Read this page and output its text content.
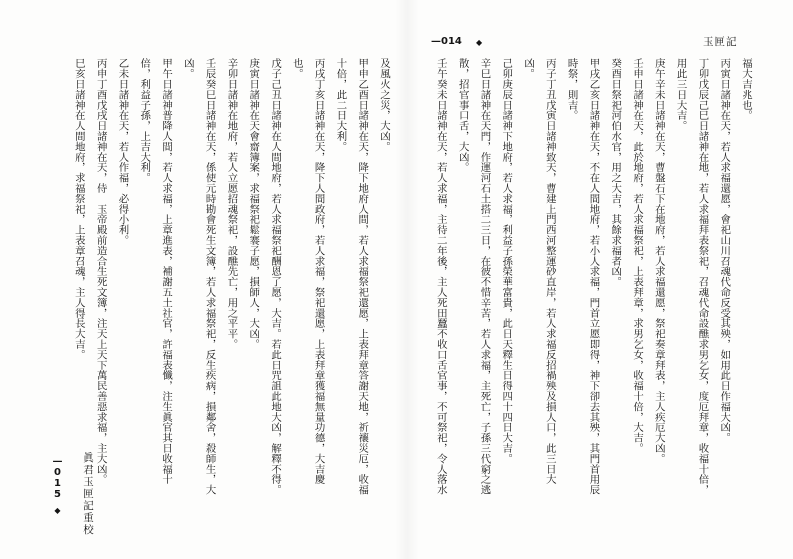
—014 ◆	玉匣記
福大吉兆也。
丙寅日諸神在天，若人求福還愿，會祀山川召魂代命反受其殃，如用此日作福大凶。
丁卯戊辰己巳日諸神在地，若人求福拜表祭祀，召魂代命設醮求男乞女，度厄拜章，收福十倍，
用此三日大吉。
庚午辛未日諸神在天，曹盤石下在地府，若人求福還愿，祭祀奏章拜表，主人疾厄大凶。
壬申日諸神在天，此於地府，若人求福祭祀，上表拜章，求男乞女，收福十倍，大吉。
癸酉日祭祀河伯水官，用之大吉，其餘求福者凶。
甲戌乙亥日諸神在天，不在人間地府，若小人求福，門首立愿即得，神下卻去其殃，其門首用辰
時祭，則吉。
丙子丁丑戊寅日諸神致天，曹建上門西河整運砂直岸，若人求福反招禍殃及損人口，此三日大
凶。
己卯庚辰日諸神下地府，若人求福，利益子孫榮華富貴，此日天釋生日得四十四日大吉。
辛巳日諸神在天門，作運河石土搭二三日，在彼不惜辛苦，若人求福，主死亡，子孫三代窮之逃
散，招官事口舌，大凶。
壬午癸未日諸神在天，若人求福，主待二年後，主人死田蠶不收口舌官事，不可祭祀，令人落水
及風火之災，大凶。
甲申乙酉日諸神在天，降下地府人間，若人求福祭祀還愿，上表拜章答謝天地，祈禳災厄，收福
十倍，此二日大利。
丙戌丁亥日諸神在天，降下人間政府，若人求福，祭祀還愿，上表拜章獲福無量功德，大吉慶
也。
戊子己丑日諸神在人間地府，若人求福祭祀酬恩了愿，大吉。若此日咒詛此地大凶，解釋不得。
庚寅日諸神在天會齋簿案，求福祭祀鬆褰子愿，損師人，大凶。
辛卯日諸神在地府，若人立愿招魂祭祀，設醮先亡，用之平平。
壬辰癸巳日諸神在天，係使元時勘會死生文簿，若人求福祭祀，反生疾病，損鄰舍，殺師生，大
凶。
甲午日諸神普降人間，若人求福，上章進表，補謝五土社官，許福表懺，注生眞官其日收福十
倍，利益子孫，上吉大利。
乙未日諸神在天，若人作福，必得小利。
丙申丁酉戊戌日諸神在天，侍　玉帝殿前造合生死文簿，注天上天下萬民善惡求福，主大凶。
巳亥日諸神在人間地府，求福祭祀，上表章召魂，主人得長大吉。
—015◆ 眞君玉匣記重校
